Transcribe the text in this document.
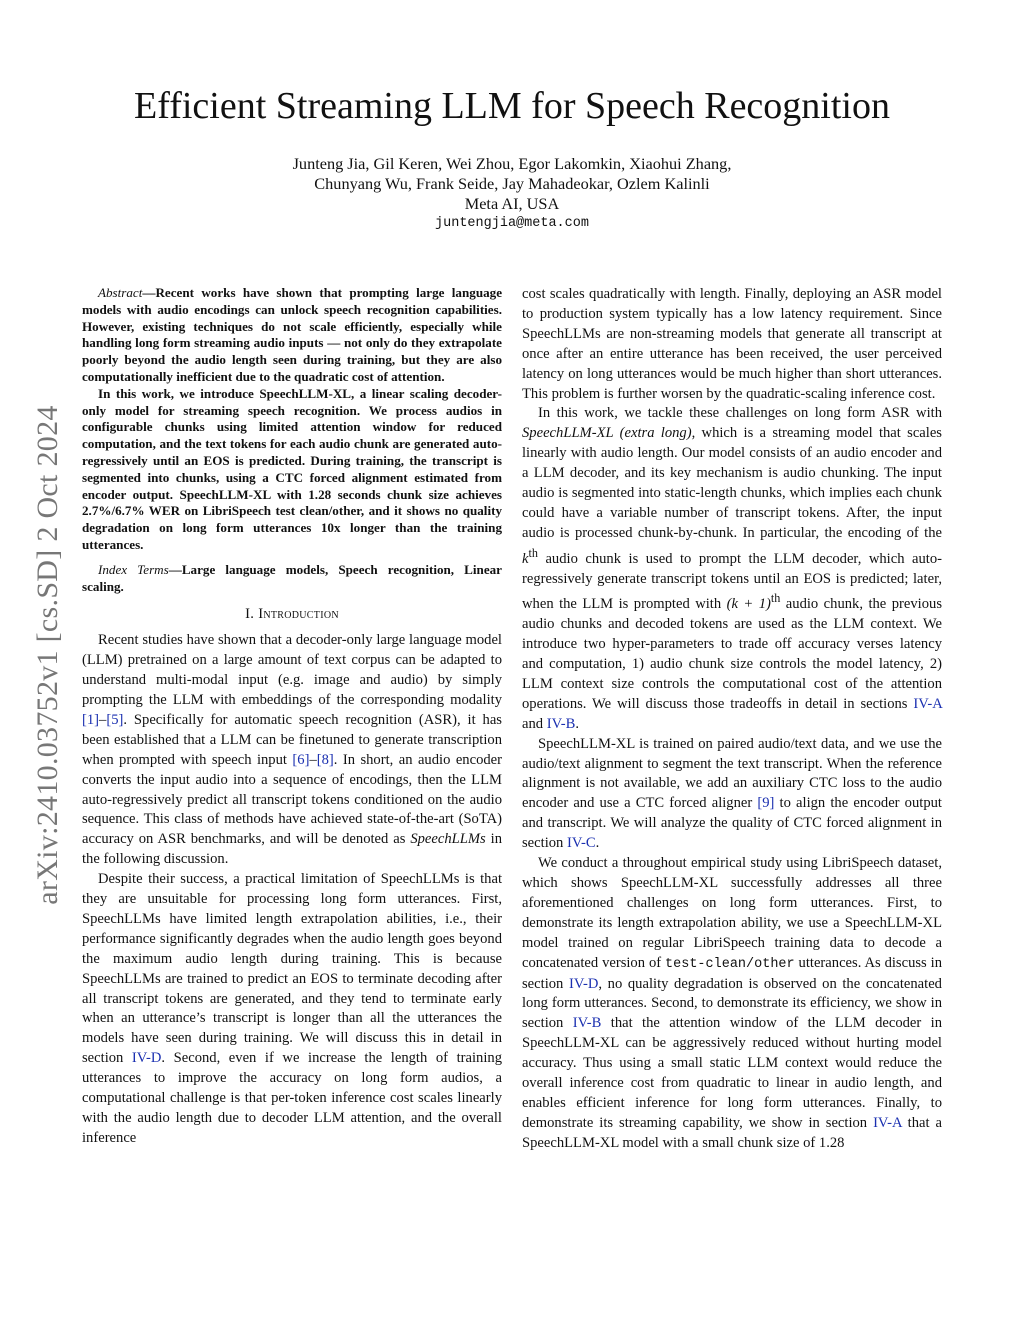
arXiv:2410.03752v1 [cs.SD] 2 Oct 2024
Efficient Streaming LLM for Speech Recognition
Junteng Jia, Gil Keren, Wei Zhou, Egor Lakomkin, Xiaohui Zhang,
Chunyang Wu, Frank Seide, Jay Mahadeokar, Ozlem Kalinli
Meta AI, USA
juntengjia@meta.com

Abstract—Recent works have shown that prompting large language models with audio encodings can unlock speech recognition capabilities. However, existing techniques do not scale efficiently, especially while handling long form streaming audio inputs — not only do they extrapolate poorly beyond the audio length seen during training, but they are also computationally inefficient due to the quadratic cost of attention.

In this work, we introduce SpeechLLM-XL, a linear scaling decoder-only model for streaming speech recognition. We process audios in configurable chunks using limited attention window for reduced computation, and the text tokens for each audio chunk are generated auto-regressively until an EOS is predicted. During training, the transcript is segmented into chunks, using a CTC forced alignment estimated from encoder output. SpeechLLM-XL with 1.28 seconds chunk size achieves 2.7%/6.7% WER on LibriSpeech test clean/other, and it shows no quality degradation on long form utterances 10x longer than the training utterances.

Index Terms—Large language models, Speech recognition, Linear scaling.

I. Introduction

Recent studies have shown that a decoder-only large language model (LLM) pretrained on a large amount of text corpus can be adapted to understand multi-modal input (e.g. image and audio) by simply prompting the LLM with embeddings of the corresponding modality [1]–[5]. Specifically for automatic speech recognition (ASR), it has been established that a LLM can be finetuned to generate transcription when prompted with speech input [6]–[8]. In short, an audio encoder converts the input audio into a sequence of encodings, then the LLM auto-regressively predict all transcript tokens conditioned on the audio sequence. This class of methods have achieved state-of-the-art (SoTA) accuracy on ASR benchmarks, and will be denoted as SpeechLLMs in the following discussion.

Despite their success, a practical limitation of SpeechLLMs is that they are unsuitable for processing long form utterances. First, SpeechLLMs have limited length extrapolation abilities, i.e., their performance significantly degrades when the audio length goes beyond the maximum audio length during training. This is because SpeechLLMs are trained to predict an EOS to terminate decoding after all transcript tokens are generated, and they tend to terminate early when an utterance’s transcript is longer than all the utterances the models have seen during training. We will discuss this in detail in section IV-D. Second, even if we increase the length of training utterances to improve the accuracy on long form audios, a computational challenge is that per-token inference cost scales linearly with the audio length due to decoder LLM attention, and the overall inference

cost scales quadratically with length. Finally, deploying an ASR model to production system typically has a low latency requirement. Since SpeechLLMs are non-streaming models that generate all transcript at once after an entire utterance has been received, the user perceived latency on long utterances would be much higher than short utterances. This problem is further worsen by the quadratic-scaling inference cost.

In this work, we tackle these challenges on long form ASR with SpeechLLM-XL (extra long), which is a streaming model that scales linearly with audio length. Our model consists of an audio encoder and a LLM decoder, and its key mechanism is audio chunking. The input audio is segmented into static-length chunks, which implies each chunk could have a variable number of transcript tokens. After, the input audio is processed chunk-by-chunk. In particular, the encoding of the $k^{th}$ audio chunk is used to prompt the LLM decoder, which auto-regressively generate transcript tokens until an EOS is predicted; later, when the LLM is prompted with $(k + 1)^{th}$ audio chunk, the previous audio chunks and decoded tokens are used as the LLM context. We introduce two hyper-parameters to trade off accuracy verses latency and computation, 1) audio chunk size controls the model latency, 2) LLM context size controls the computational cost of the attention operations. We will discuss those tradeoffs in detail in sections IV-A and IV-B.

SpeechLLM-XL is trained on paired audio/text data, and we use the audio/text alignment to segment the text transcript. When the reference alignment is not available, we add an auxiliary CTC loss to the audio encoder and use a CTC forced aligner [9] to align the encoder output and transcript. We will analyze the quality of CTC forced alignment in section IV-C.

We conduct a throughout empirical study using LibriSpeech dataset, which shows SpeechLLM-XL successfully addresses all three aforementioned challenges on long form utterances. First, to demonstrate its length extrapolation ability, we use a SpeechLLM-XL model trained on regular LibriSpeech training data to decode a concatenated version of test-clean/other utterances. As discuss in section IV-D, no quality degradation is observed on the concatenated long form utterances. Second, to demonstrate its efficiency, we show in section IV-B that the attention window of the LLM decoder in SpeechLLM-XL can be aggressively reduced without hurting model accuracy. Thus using a small static LLM context would reduce the overall inference cost from quadratic to linear in audio length, and enables efficient inference for long form utterances. Finally, to demonstrate its streaming capability, we show in section IV-A that a SpeechLLM-XL model with a small chunk size of 1.28
